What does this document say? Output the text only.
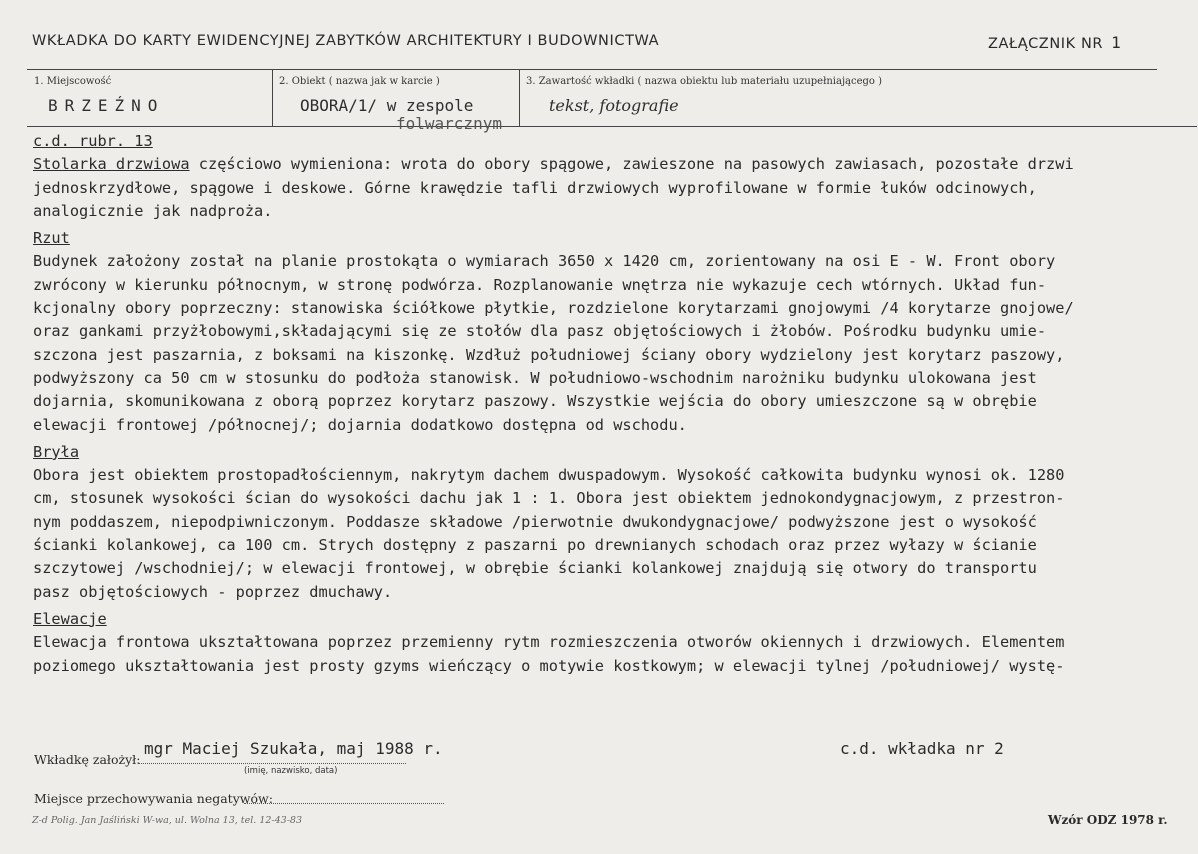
WKŁADKA DO KARTY EWIDENCYJNEJ ZABYTKÓW ARCHITEKTURY I BUDOWNICTWA	ZAŁĄCZNIK NR 1
1. Miejscowość
BRZEŹNO
2. Obiekt ( nazwa jak w karcie )
OBORA/1/ w zespole
folwarcznym
3. Zawartość wkładki ( nazwa obiektu lub materiału uzupełniającego )
tekst, fotografie

c.d. rubr. 13

Stolarka drzwiowa częściowo wymieniona: wrota do obory spągowe, zawieszone na pasowych zawiasach, pozostałe drzwi

jednoskrzydłowe, spągowe i deskowe. Górne krawędzie tafli drzwiowych wyprofilowane w formie łuków odcinowych,

analogicznie jak nadproża.

Rzut

Budynek założony został na planie prostokąta o wymiarach 3650 x 1420 cm, zorientowany na osi E - W. Front obory

zwrócony w kierunku północnym, w stronę podwórza. Rozplanowanie wnętrza nie wykazuje cech wtórnych. Układ fun-

kcjonalny obory poprzeczny: stanowiska ściółkowe płytkie, rozdzielone korytarzami gnojowymi /4 korytarze gnojowe/

oraz gankami przyżłobowymi,składającymi się ze stołów dla pasz objętościowych i żłobów. Pośrodku budynku umie-

szczona jest paszarnia, z boksami na kiszonkę. Wzdłuż południowej ściany obory wydzielony jest korytarz paszowy,

podwyższony ca 50 cm w stosunku do podłoża stanowisk. W południowo-wschodnim narożniku budynku ulokowana jest

dojarnia, skomunikowana z oborą poprzez korytarz paszowy. Wszystkie wejścia do obory umieszczone są w obrębie

elewacji frontowej /północnej/; dojarnia dodatkowo dostępna od wschodu.

Bryła

Obora jest obiektem prostopadłościennym, nakrytym dachem dwuspadowym. Wysokość całkowita budynku wynosi ok. 1280

cm, stosunek wysokości ścian do wysokości dachu jak 1 : 1. Obora jest obiektem jednokondygnacjowym, z przestron-

nym poddaszem, niepodpiwniczonym. Poddasze składowe /pierwotnie dwukondygnacjowe/ podwyższone jest o wysokość

ścianki kolankowej, ca 100 cm. Strych dostępny z paszarni po drewnianych schodach oraz przez wyłazy w ścianie

szczytowej /wschodniej/; w elewacji frontowej, w obrębie ścianki kolankowej znajdują się otwory do transportu

pasz objętościowych - poprzez dmuchawy.

Elewacje

Elewacja frontowa ukształtowana poprzez przemienny rytm rozmieszczenia otworów okiennych i drzwiowych. Elementem

poziomego ukształtowania jest prosty gzyms wieńczący o motywie kostkowym; w elewacji tylnej /południowej/ wystę-

Wkładkę założył:
mgr Maciej Szukała, maj 1988 r.
(imię, nazwisko, data)
c.d. wkładka nr 2
Miejsce przechowywania negatywów:
Z-d Polig. Jan Jaśliński W-wa, ul. Wolna 13, tel. 12-43-83	Wzór ODZ 1978 r.
